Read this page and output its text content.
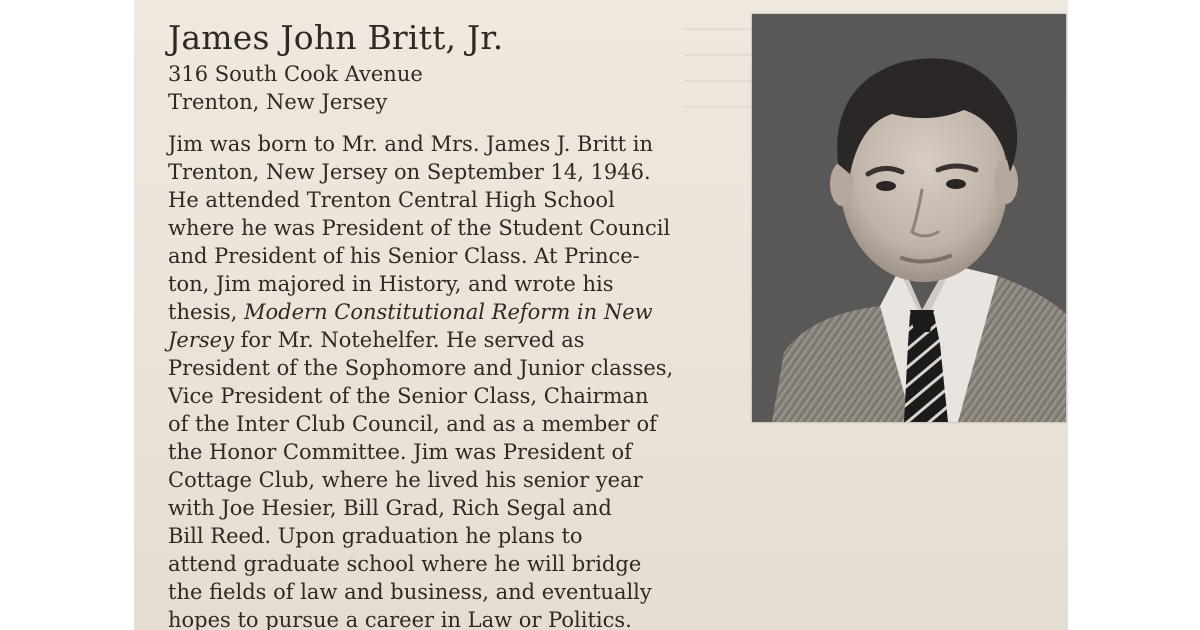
James John Britt, Jr.

316 South Cook Avenue

Trenton, New Jersey

Jim was born to Mr. and Mrs. James J. Britt in
Trenton, New Jersey on September 14, 1946.
He attended Trenton Central High School
where he was President of the Student Council
and President of his Senior Class. At Prince-
ton, Jim majored in History, and wrote his
thesis, Modern Constitutional Reform in New
Jersey for Mr. Notehelfer. He served as
President of the Sophomore and Junior classes,
Vice President of the Senior Class, Chairman
of the Inter Club Council, and as a member of
the Honor Committee. Jim was President of
Cottage Club, where he lived his senior year
with Joe Hesier, Bill Grad, Rich Segal and
Bill Reed. Upon graduation he plans to
attend graduate school where he will bridge
the fields of law and business, and eventually
hopes to pursue a career in Law or Politics.
